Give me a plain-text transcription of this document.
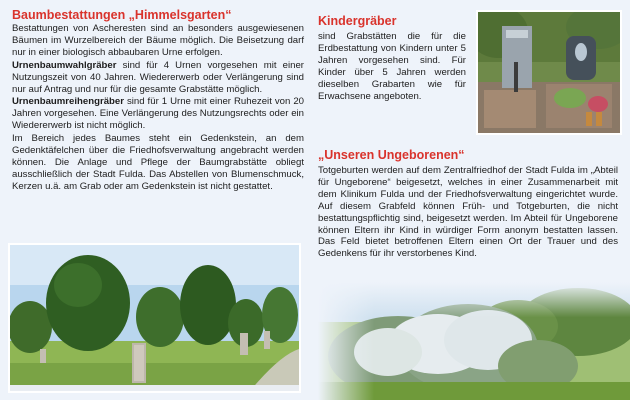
Baumbestattungen „Himmelsgarten“

Bestattungen von Ascheresten sind an besonders ausgewiesenen Bäumen im Wurzelbereich der Bäume möglich. Die Beisetzung darf nur in einer biologisch abbaubaren Urne erfolgen.

Urnenbaumwahlgräber sind für 4 Urnen vorgesehen mit einer Nutzungszeit von 40 Jahren. Wiedererwerb oder Verlängerung sind nur auf Antrag und nur für die gesamte Grabstätte möglich.

Urnenbaumreihengräber sind für 1 Urne mit einer Ruhezeit von 20 Jahren vorgesehen. Eine Verlängerung des Nutzungsrechts oder ein Wiedererwerb ist nicht möglich.

Im Bereich jedes Baumes steht ein Gedenkstein, an dem Gedenktäfelchen über die Friedhofsverwaltung angebracht werden können. Die Anlage und Pflege der Baumgrabstätte obliegt ausschließlich der Stadt Fulda. Das Abstellen von Blumenschmuck, Kerzen u.ä. am Grab oder am Gedenkstein ist nicht gestattet.

Kindergräber

sind Grabstätten die für die Erdbestattung von Kindern unter 5 Jahren vorgesehen sind. Für Kinder über 5 Jahren werden dieselben Grabarten wie für Erwachsene angeboten.

„Unseren Ungeborenen“

Totgeburten werden auf dem Zentralfriedhof der Stadt Fulda im „Abteil für Ungeborene“ beigesetzt, welches in einer Zusammenarbeit mit dem Klinikum Fulda und der Friedhofsverwaltung eingerichtet wurde. Auf diesem Grabfeld können Früh- und Totgeburten, die nicht bestattungspflichtig sind, beigesetzt werden. Im Abteil für Ungeborene können Eltern ihr Kind in würdiger Form anonym bestatten lassen. Das Feld bietet betroffenen Eltern einen Ort der Trauer und des Gedenkens für ihr verstorbenes Kind.
